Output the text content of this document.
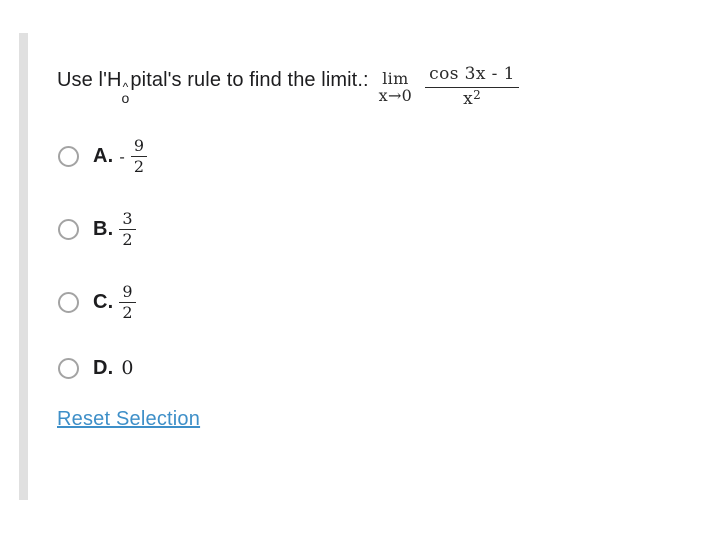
Use l'H ^
o
pital's rule to find the limit.: lim
$x\to 0 \frac{\cos 3x - 1}{x^2}$
A. - $\frac{9}{2}$
B. $\frac{3}{2}$
C. $\frac{9}{2}$
D. 0
Reset Selection
